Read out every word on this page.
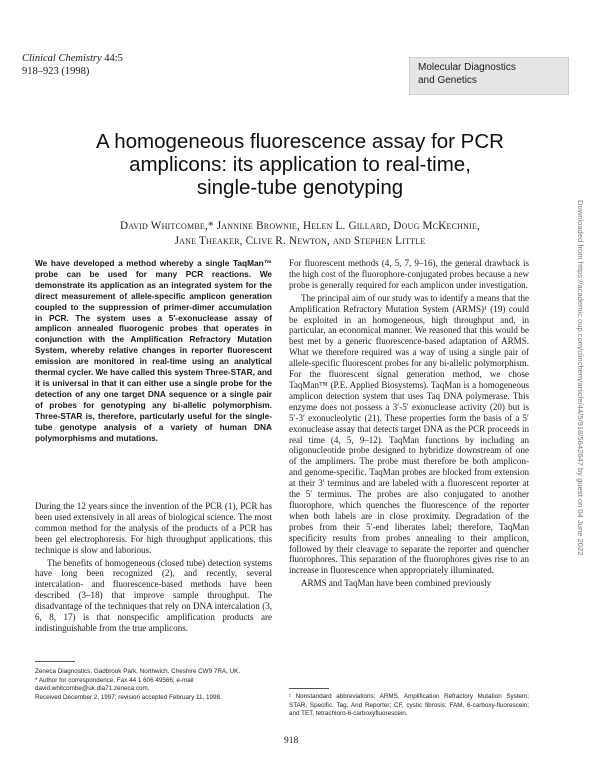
Clinical Chemistry 44:5
918–923 (1998)	Molecular Diagnostics
and Genetics
A homogeneous fluorescence assay for PCR
amplicons: its application to real-time,
single-tube genotyping
David Whitcombe,* Jannine Brownie, Helen L. Gillard, Doug McKechnie,
Jane Theaker, Clive R. Newton, and Stephen Little
We have developed a method whereby a single TaqMan™ probe can be used for many PCR reactions. We demonstrate its application as an integrated system for the direct measurement of allele-specific amplicon generation coupled to the suppression of primer-dimer accumulation in PCR. The system uses a 5′-exonuclease assay of amplicon annealed fluorogenic probes that operates in conjunction with the Amplification Refractory Mutation System, whereby relative changes in reporter fluorescent emission are monitored in real-time using an analytical thermal cycler. We have called this system Three-STAR, and it is universal in that it can either use a single probe for the detection of any one target DNA sequence or a single pair of probes for genotyping any bi-allelic polymorphism. Three-STAR is, therefore, particularly useful for the single-tube genotype analysis of a variety of human DNA polymorphisms and mutations.

During the 12 years since the invention of the PCR (1), PCR has been used extensively in all areas of biological science. The most common method for the analysis of the products of a PCR has been gel electrophoresis. For high throughput applications, this technique is slow and laborious.

The benefits of homogeneous (closed tube) detection systems have long been recognized (2), and recently, several intercalation- and fluorescence-based methods have been described (3–18) that improve sample throughput. The disadvantage of the techniques that rely on DNA intercalation (3, 6, 8, 17) is that nonspecific amplification products are indistinguishable from the true amplicons.

For fluorescent methods (4, 5, 7, 9–16), the general drawback is the high cost of the fluorophore-conjugated probes because a new probe is generally required for each amplicon under investigation.

The principal aim of our study was to identify a means that the Amplification Refractory Mutation System (ARMS)¹ (19) could be exploited in an homogeneous, high throughput and, in particular, an economical manner. We reasoned that this would be best met by a generic fluorescence-based adaptation of ARMS. What we therefore required was a way of using a single pair of allele-specific fluorescent probes for any bi-allelic polymorphism. For the fluorescent signal generation method, we chose TaqMan™ (P.E. Applied Biosystems). TaqMan is a homogeneous amplicon detection system that uses Taq DNA polymerase. This enzyme does not possess a 3′-5′ exonuclease activity (20) but is 5′-3′ exonucleolytic (21). These properties form the basis of a 5′ exonuclease assay that detects target DNA as the PCR proceeds in real time (4, 5, 9–12). TaqMan functions by including an oligonucleotide probe designed to hybridize downstream of one of the amplimers. The probe must therefore be both amplicon- and genome-specific. TaqMan probes are blocked from extension at their 3′ terminus and are labeled with a fluorescent reporter at the 5′ terminus. The probes are also conjugated to another fluorophore, which quenches the fluorescence of the reporter when both labels are in close proximity. Degradation of the probes from their 5′-end liberates label; therefore, TaqMan specificity results from probes annealing to their amplicon, followed by their cleavage to separate the reporter and quencher fluorophores. This separation of the fluorophores gives rise to an increase in fluorescence when appropriately illuminated.

ARMS and TaqMan have been combined previously

Zeneca Diagnostics, Gadbrook Park, Northwich, Cheshire CW9 7RA, UK.
* Author for correspondence. Fax 44 1 606 49566; e-mail david.whitcombe@uk.dia71.zeneca.com.
Received December 2, 1997; revision accepted February 11, 1998.	¹ Nonstandard abbreviations: ARMS, Amplification Refractory Mutation System; STAR, Specific, Tag, And Reporter; CF, cystic fibrosis; FAM, 6-carboxy-fluorescein; and TET, tetrachloro-6-carboxyfluorescein.
918
Downloaded from https://academic.oup.com/clinchem/article/44/5/918/5642647 by guest on 04 June 2022
